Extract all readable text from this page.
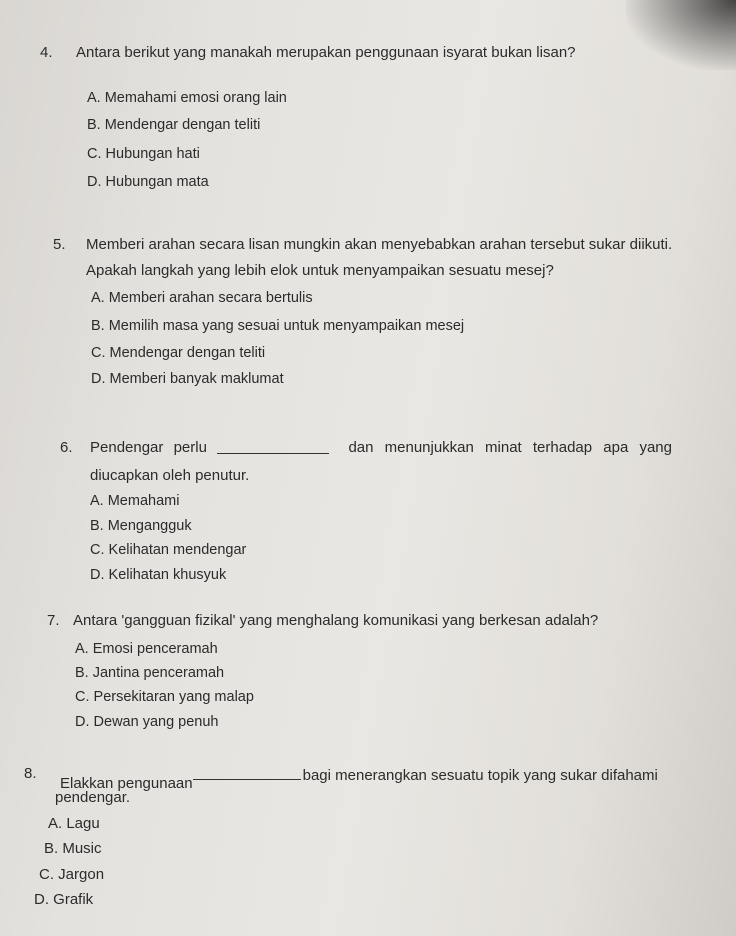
4. Antara berikut yang manakah merupakan penggunaan isyarat bukan lisan?
A. Memahami emosi orang lain
B. Mendengar dengan teliti
C. Hubungan hati
D. Hubungan mata
5. Memberi arahan secara lisan mungkin akan menyebabkan arahan tersebut sukar diikuti.
Apakah langkah yang lebih elok untuk menyampaikan sesuatu mesej?
A. Memberi arahan secara bertulis
B. Memilih masa yang sesuai untuk menyampaikan mesej
C. Mendengar dengan teliti
D. Memberi banyak maklumat
6. Pendengar perlu	dan menunjukkan minat terhadap apa yang
diucapkan oleh penutur.
A. Memahami
B. Mengangguk
C. Kelihatan mendengar
D. Kelihatan khusyuk
7. Antara 'gangguan fizikal' yang menghalang komunikasi yang berkesan adalah?
A. Emosi penceramah
B. Jantina penceramah
C. Persekitaran yang malap
D. Dewan yang penuh
8.
Elakkan pengunaan	bagi menerangkan sesuatu topik yang sukar difahami
pendengar.
A. Lagu
B. Music
C. Jargon
D. Grafik
